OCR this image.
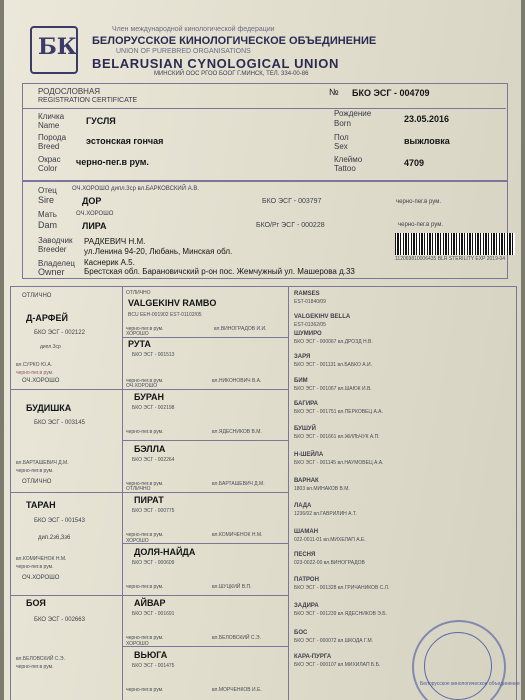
БК
Член международной кинологической федерации
БЕЛОРУССКОЕ КИНОЛОГИЧЕСКОЕ ОБЪЕДИНЕНИЕ
UNION OF PUREBRED ORGANISATIONS
BELARUSIAN CYNOLOGICAL UNION
МИНСКИЙ ООС РГОО БООГ Г.МИНСК, ТЕЛ. 334-00-86
РОДОСЛОВНАЯ
REGISTRATION CERTIFICATE
№ БКО ЭСГ - 004709
Кличка
Name	ГУСЛЯ
Рождение
Born	23.05.2016
Порода
Breed
эстонская гончая	Пол
Sex
выжловка
Окрас
Color
черно-пег.в рум.	Клеймо
Tattoo
4709
Отец	ОЧ.ХОРОШО дипл.3ср вл.БАРКОВСКИЙ А.В.
Sire	ДОР	БКО ЭСГ - 003797	черно-пег.в рум.
Мать	ОЧ.ХОРОШО
Dam	ЛИРА	БКО/Рг ЭСГ - 000228	черно-пег.в рум.
Заводчик
Breeder
РАДКЕВИЧ Н.М.
ул.Ленина 94-20, Любань, Минская обл.
112069810006435 BLR STERILITY EXP 2019-04
Владелец
Owner
Каснерик А.5.
Брестская обл. Барановичский р-он пос. Жемчужный ул. Машерова д.33
ОТЛИЧНО
Д-АРФЕЙ
БКО ЭСГ - 002122
дипл.3ср
вл.СУРКО Ю.А.
черно-пег.в рум.
ОЧ.ХОРОШО
БУДИШКА
БКО ЭСГ - 003145
вл.БАРТАШЕВИЧ Д.М.
черно-пег.в рум.
ОТЛИЧНО
ТАРАН
БКО ЭСГ - 001543
дип.2з6,3з6
вл.КОМИЧЕНОК Н.М.
черно-пег.в рум.
ОЧ.ХОРОШО
БОЯ
БКО ЭСГ - 002663
вл.БЕЛОВСКИЙ С.Э.
черно-пег.в рум.
ОТЛИЧНО
VALGEKIHV RAMBO
BCU EEH-001902 EST-01102/05
вл.ВИНОГРАДОВ И.И.
черно-пег.в рум.
ХОРОШО
РУТА
БКО ЭСГ - 001513
черно-пег.в рум.	вл.НИКОНОВИЧ В.А.
ОЧ.ХОРОШО
БУРАН
БКО ЭСГ - 002198
черно-пег.в рум.	вл.ЯДЕСНИКОВ В.М.
БЭЛЛА
БКО ЭСГ - 002264
черно-пег.в рум.	вл.БАРТАШЕВИЧ Д.М.
ОТЛИЧНО
ПИРАТ
БКО ЭСГ - 000775
черно-пег.в рум.	вл.КОМИЧЕНОК Н.М.
ХОРОШО
ДОЛЯ-НАЙДА
БКО ЭСГ - 000609
черно-пег.в рум.	вл.ШУЦКИЙ В.П.
АЙВАР
БКО ЭСГ - 001691
черно-пег.в рум.	вл.БЕЛОВСКИЙ С.Э.
ХОРОШО
ВЬЮГА
БКО ЭСГ - 001475
черно-пег.в рум.	вл.МОРЧЕНКОВ И.Е.
RAMSES
EST-01840/09
VALGEKIHV BELLA
EST-01362/05
ШУМИРО
БКО ЭСГ - 000067 вл.ДРОЗД Н.В.
ЗАРЯ
БКО ЭСГ - 001131 вл.БАБКО А.И.
БИМ
БКО ЭСГ - 001067 вл.ШАЮК И.В.
БАГИРА
БКО ЭСГ - 001751 вл.ПЕРКОВЕЦ А.А.
БУШУЙ
БКО ЭСГ - 001661 вл.ЖИЛЬЧУК А.П.
Н-ШЕЙЛА
БКО ЭСГ - 001145 вл.НАУМОВЕЦ А.А.
ВАРНАК
1803 вл.МИНАКОВ В.М.
ЛАДА
1236/02 вл.ГАВРИЛИН А.Т.
ШАМАН
022-0011-01 вл.МИХЕЛАП А.Е.
ПЕСНЯ
023-0022-00 вл.ВИНОГРАДОВ
ПАТРОН
БКО ЭСГ - 001328 вл.ГРИЧАНИКОВ С.Л.
ЗАДИРА
БКО ЭСГ - 001239 вл.ЯДЕСНИКОВ Э.Б.
БОС
БКО ЭСГ - 000072 вл.ШКОДА Г.М.
КАРА-ПУРГА
БКО ЭСГ - 000107 вл.МИХИЛАП Б.Б.
Белорусское кинологическое объединение
